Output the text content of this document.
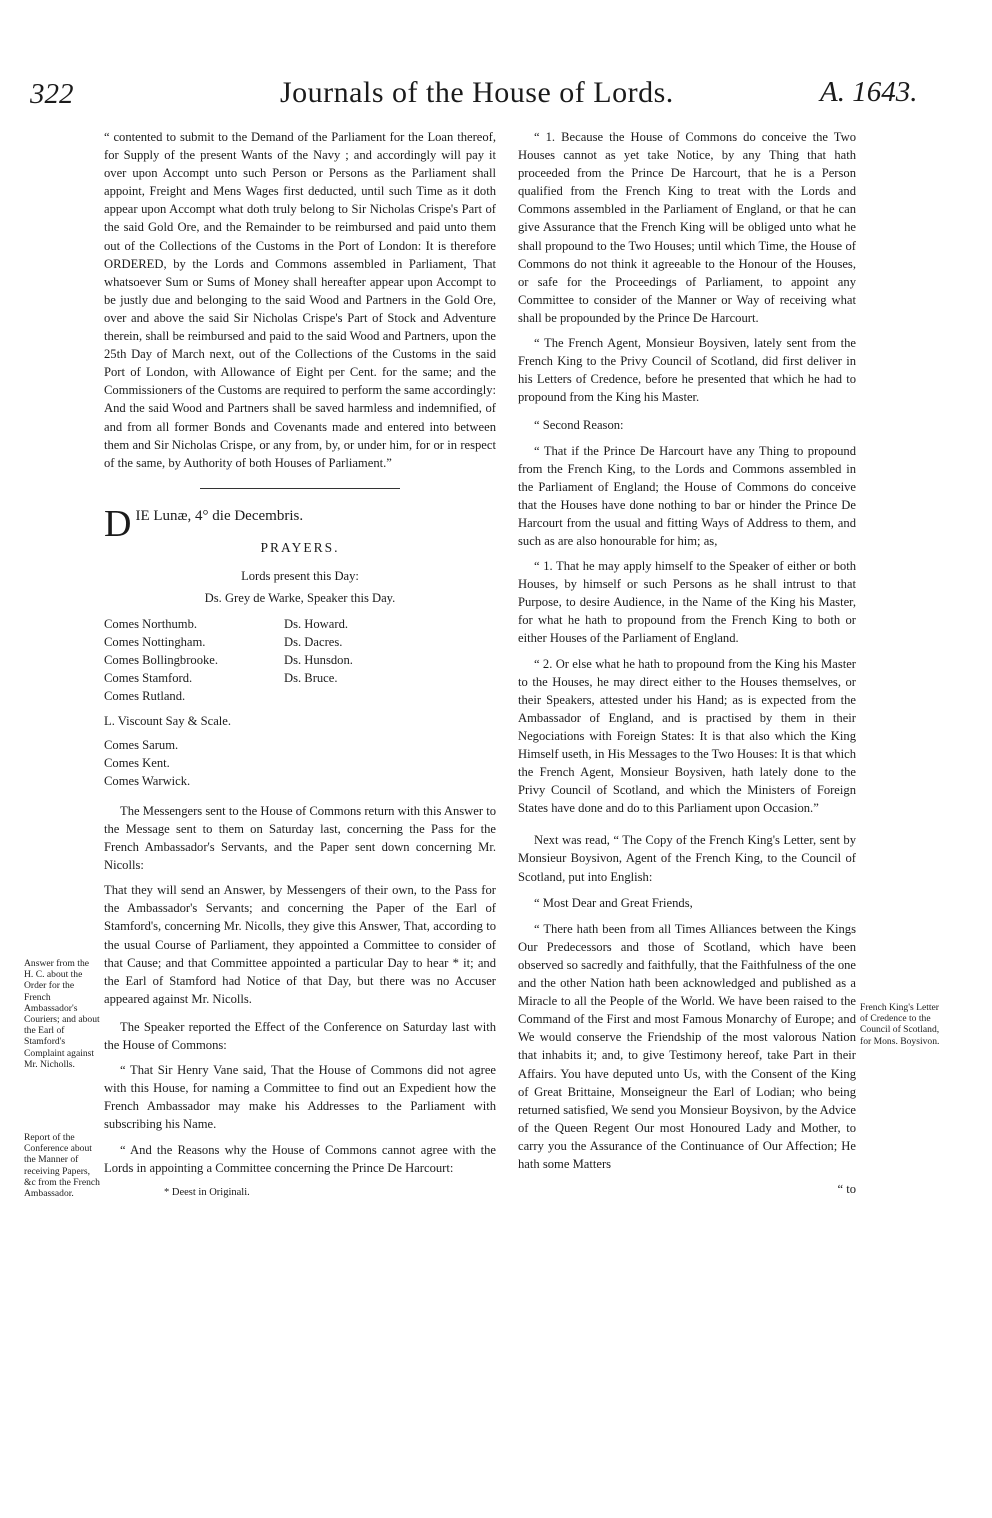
322	Journals of the House of Lords.	A. 1643.

“ contented to submit to the Demand of the Parliament for the Loan thereof, for Supply of the present Wants of the Navy ; and accordingly will pay it over upon Accompt unto such Person or Persons as the Parliament shall appoint, Freight and Mens Wages first deducted, until such Time as it doth appear upon Accompt what doth truly belong to Sir Nicholas Crispe's Part of the said Gold Ore, and the Remainder to be reimbursed and paid unto them out of the Collections of the Customs in the Port of London: It is therefore ORDERED, by the Lords and Commons assembled in Parliament, That whatsoever Sum or Sums of Money shall hereafter appear upon Accompt to be justly due and belonging to the said Wood and Partners in the Gold Ore, over and above the said Sir Nicholas Crispe's Part of Stock and Adventure therein, shall be reimbursed and paid to the said Wood and Partners, upon the 25th Day of March next, out of the Collections of the Customs in the said Port of London, with Allowance of Eight per Cent. for the same; and the Commissioners of the Customs are required to perform the same accordingly: And the said Wood and Partners shall be saved harmless and indemnified, of and from all former Bonds and Covenants made and entered into between them and Sir Nicholas Crispe, or any from, by, or under him, for or in respect of the same, by Authority of both Houses of Parliament.”

D IE Lunæ, 4° die Decembris.
PRAYERS.
Lords present this Day:
Ds. Grey de Warke, Speaker this Day.
Comes Northumb.
Comes Nottingham.
Comes Bollingbrooke.
Comes Stamford.
Comes Rutland.
Ds. Howard.
Ds. Dacres.
Ds. Hunsdon.
Ds. Bruce.
L. Viscount Say & Scale.
Comes Sarum.
Comes Kent.
Comes Warwick.

The Messengers sent to the House of Commons return with this Answer to the Message sent to them on Saturday last, concerning the Pass for the French Ambassador's Servants, and the Paper sent down concerning Mr. Nicolls:

That they will send an Answer, by Messengers of their own, to the Pass for the Ambassador's Servants; and concerning the Paper of the Earl of Stamford's, concerning Mr. Nicolls, they give this Answer, That, according to the usual Course of Parliament, they appointed a Committee to consider of that Cause; and that Committee appointed a particular Day to hear * it; and the Earl of Stamford had Notice of that Day, but there was no Accuser appeared against Mr. Nicolls.

The Speaker reported the Effect of the Conference on Saturday last with the House of Commons:

“ That Sir Henry Vane said, That the House of Commons did not agree with this House, for naming a Committee to find out an Expedient how the French Ambassador may make his Addresses to the Parliament with subscribing his Name.

“ And the Reasons why the House of Commons cannot agree with the Lords in appointing a Committee concerning the Prince De Harcourt:

* Deest in Originali.

“ 1. Because the House of Commons do conceive the Two Houses cannot as yet take Notice, by any Thing that hath proceeded from the Prince De Harcourt, that he is a Person qualified from the French King to treat with the Lords and Commons assembled in the Parliament of England, or that he can give Assurance that the French King will be obliged unto what he shall propound to the Two Houses; until which Time, the House of Commons do not think it agreeable to the Honour of the Houses, or safe for the Proceedings of Parliament, to appoint any Committee to consider of the Manner or Way of receiving what shall be propounded by the Prince De Harcourt.

“ The French Agent, Monsieur Boysiven, lately sent from the French King to the Privy Council of Scotland, did first deliver in his Letters of Credence, before he presented that which he had to propound from the King his Master.

“ Second Reason:

“ That if the Prince De Harcourt have any Thing to propound from the French King, to the Lords and Commons assembled in the Parliament of England; the House of Commons do conceive that the Houses have done nothing to bar or hinder the Prince De Harcourt from the usual and fitting Ways of Address to them, and such as are also honourable for him; as,

“ 1. That he may apply himself to the Speaker of either or both Houses, by himself or such Persons as he shall intrust to that Purpose, to desire Audience, in the Name of the King his Master, for what he hath to propound from the French King to both or either Houses of the Parliament of England.

“ 2. Or else what he hath to propound from the King his Master to the Houses, he may direct either to the Houses themselves, or their Speakers, attested under his Hand; as is expected from the Ambassador of England, and is practised by them in their Negociations with Foreign States: It is that also which the King Himself useth, in His Messages to the Two Houses: It is that which the French Agent, Monsieur Boysiven, hath lately done to the Privy Council of Scotland, and which the Ministers of Foreign States have done and do to this Parliament upon Occasion.”

Next was read, “ The Copy of the French King's Letter, sent by Monsieur Boysivon, Agent of the French King, to the Council of Scotland, put into English:

“ Most Dear and Great Friends,

“ There hath been from all Times Alliances between the Kings Our Predecessors and those of Scotland, which have been observed so sacredly and faithfully, that the Faithfulness of the one and the other Nation hath been acknowledged and published as a Miracle to all the People of the World. We have been raised to the Command of the First and most Famous Monarchy of Europe; and We would conserve the Friendship of the most valorous Nation that inhabits it; and, to give Testimony hereof, take Part in their Affairs. You have deputed unto Us, with the Consent of the King of Great Brittaine, Monseigneur the Earl of Lodian; who being returned satisfied, We send you Monsieur Boysivon, by the Advice of the Queen Regent Our most Honoured Lady and Mother, to carry you the Assurance of the Continuance of Our Affection; He hath some Matters

“ to
Answer from the H. C. about the Order for the French Ambassador's Couriers; and about the Earl of Stamford's Complaint against Mr. Nicholls.
Report of the Conference about the Manner of receiving Papers, &c from the French Ambassador.
French King's Letter of Credence to the Council of Scotland, for Mons. Boysivon.
